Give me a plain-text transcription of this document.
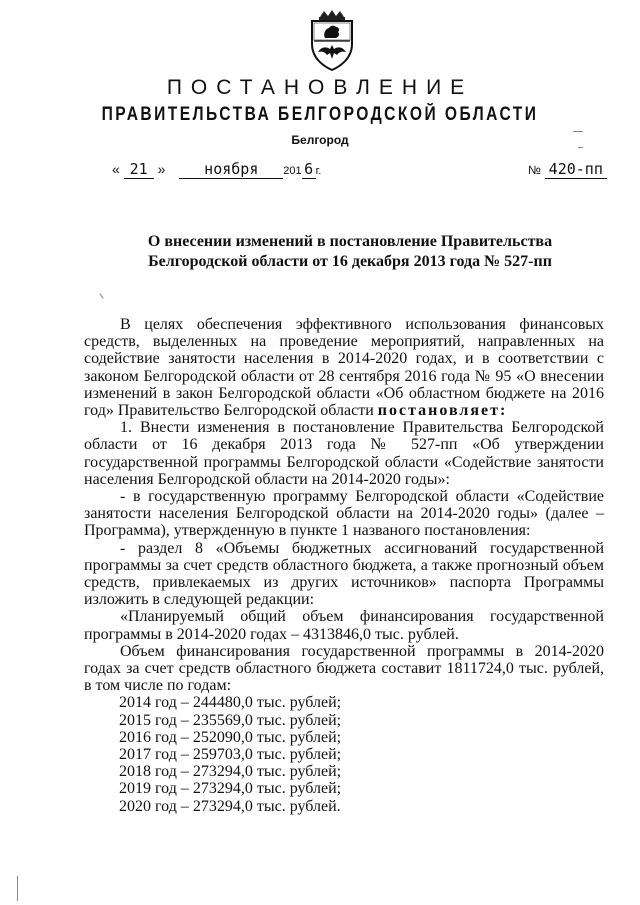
ПОСТАНОВЛЕНИЕ
ПРАВИТЕЛЬСТВА БЕЛГОРОДСКОЙ ОБЛАСТИ
Белгород
« 21 »	ноября 201 6 г.	№ 420-пп
О внесении изменений в постановление Правительства
Белгородской области от 16 декабря 2013 года № 527-пп

В целях обеспечения эффективного использования финансовых средств, выделенных на проведение мероприятий, направленных на содействие занятости населения в 2014-2020 годах, и в соответствии с законом Белгородской области от 28 сентября 2016 года № 95 «О внесении изменений в закон Белгородской области «Об областном бюджете на 2016 год» Правительство Белгородской области постановляет:

1. Внести изменения в постановление Правительства Белгородской области от 16 декабря 2013 года № 527-пп «Об утверждении государственной программы Белгородской области «Содействие занятости населения Белгородской области на 2014-2020 годы»:

- в государственную программу Белгородской области «Содействие занятости населения Белгородской области на 2014-2020 годы» (далее – Программа), утвержденную в пункте 1 названого постановления:

- раздел 8 «Объемы бюджетных ассигнований государственной программы за счет средств областного бюджета, а также прогнозный объем средств, привлекаемых из других источников» паспорта Программы изложить в следующей редакции:

«Планируемый общий объем финансирования государственной программы в 2014-2020 годах – 4313846,0 тыс. рублей.

Объем финансирования государственной программы в 2014-2020 годах за счет средств областного бюджета составит 1811724,0 тыс. рублей, в том числе по годам:

2014 год – 244480,0 тыс. рублей;
2015 год – 235569,0 тыс. рублей;
2016 год – 252090,0 тыс. рублей;
2017 год – 259703,0 тыс. рублей;
2018 год – 273294,0 тыс. рублей;
2019 год – 273294,0 тыс. рублей;
2020 год – 273294,0 тыс. рублей.
